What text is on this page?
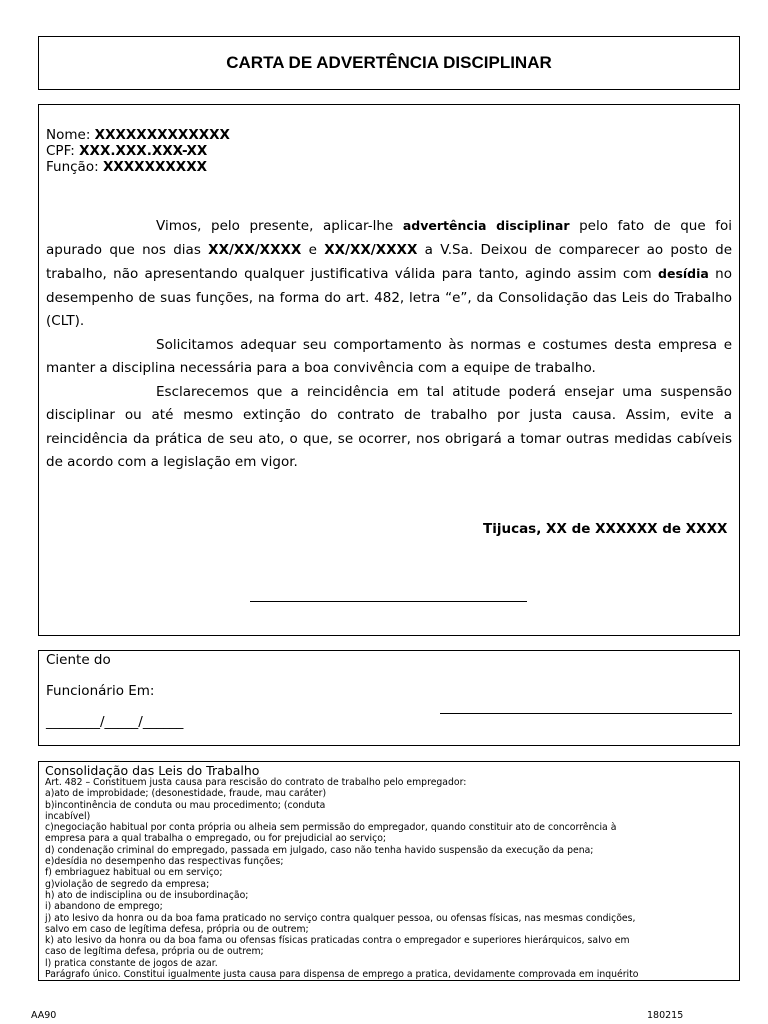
CARTA DE ADVERTÊNCIA DISCIPLINAR
Nome: XXXXXXXXXXXXX
CPF: XXX.XXX.XXX-XX
Função: XXXXXXXXXX

Vimos, pelo presente, aplicar-lhe advertência disciplinar pelo fato de que foi apurado que nos dias XX/XX/XXXX e XX/XX/XXXX a V.Sa. Deixou de comparecer ao posto de trabalho, não apresentando qualquer justificativa válida para tanto, agindo assim com desídia no desempenho de suas funções, na forma do art. 482, letra “e”, da Consolidação das Leis do Trabalho (CLT).

Solicitamos adequar seu comportamento às normas e costumes desta empresa e manter a disciplina necessária para a boa convivência com a equipe de trabalho.

Esclarecemos que a reincidência em tal atitude poderá ensejar uma suspensão disciplinar ou até mesmo extinção do contrato de trabalho por justa causa. Assim, evite a reincidência da prática de seu ato, o que, se ocorrer, nos obrigará a tomar outras medidas cabíveis de acordo com a legislação em vigor.

Tijucas, XX de XXXXXX de XXXX
Ciente do
Funcionário Em:
________/_____/______
Consolidação das Leis do Trabalho
Art. 482 – Constituem justa causa para rescisão do contrato de trabalho pelo empregador:
a)ato de improbidade; (desonestidade, fraude, mau caráter)
b)incontinência de conduta ou mau procedimento; (conduta
incabível)
c)negociação habitual por conta própria ou alheia sem permissão do empregador, quando constituir ato de concorrência à
empresa para a qual trabalha o empregado, ou for prejudicial ao serviço;
d) condenação criminal do empregado, passada em julgado, caso não tenha havido suspensão da execução da pena;
e)desídia no desempenho das respectivas funções;
f) embriaguez habitual ou em serviço;
g)violação de segredo da empresa;
h) ato de indisciplina ou de insubordinação;
i) abandono de emprego;
j) ato lesivo da honra ou da boa fama praticado no serviço contra qualquer pessoa, ou ofensas físicas, nas mesmas condições,
salvo em caso de legítima defesa, própria ou de outrem;
k) ato lesivo da honra ou da boa fama ou ofensas físicas praticadas contra o empregador e superiores hierárquicos, salvo em
caso de legítima defesa, própria ou de outrem;
l) pratica constante de jogos de azar.
Parágrafo único. Constitui igualmente justa causa para dispensa de emprego a pratica, devidamente comprovada em inquérito
AA90	180215
